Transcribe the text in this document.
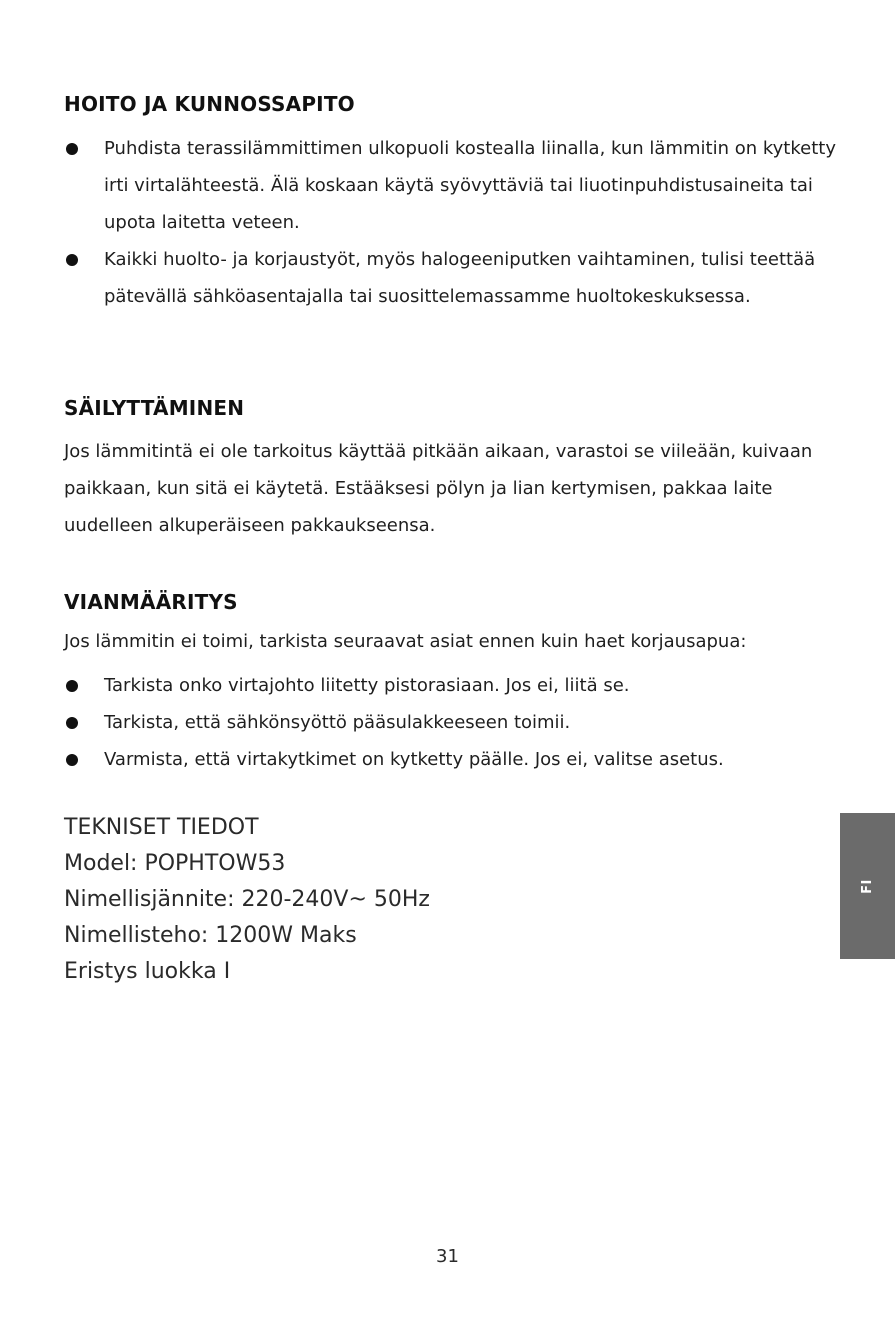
HOITO JA KUNNOSSAPITO
Puhdista terassilämmittimen ulkopuoli kostealla liinalla, kun lämmitin on kytketty irti virtalähteestä. Älä koskaan käytä syövyttäviä tai liuotinpuhdistusaineita tai upota laitetta veteen.
Kaikki huolto- ja korjaustyöt, myös halogeeniputken vaihtaminen, tulisi teettää pätevällä sähköasentajalla tai suosittelemassamme huoltokeskuksessa.
SÄILYTTÄMINEN

Jos lämmitintä ei ole tarkoitus käyttää pitkään aikaan, varastoi se viileään, kuivaan paikkaan, kun sitä ei käytetä. Estääksesi pölyn ja lian kertymisen, pakkaa laite uudelleen alkuperäiseen pakkaukseensa.

VIANMÄÄRITYS

Jos lämmitin ei toimi, tarkista seuraavat asiat ennen kuin haet korjausapua:

Tarkista onko virtajohto liitetty pistorasiaan. Jos ei, liitä se.
Tarkista, että sähkönsyöttö pääsulakkeeseen toimii.
Varmista, että virtakytkimet on kytketty päälle. Jos ei, valitse asetus.
TEKNISET TIEDOT
Model: POPHTOW53
Nimellisjännite: 220-240V~ 50Hz
Nimellisteho: 1200W Maks
Eristys luokka I
FI
31
